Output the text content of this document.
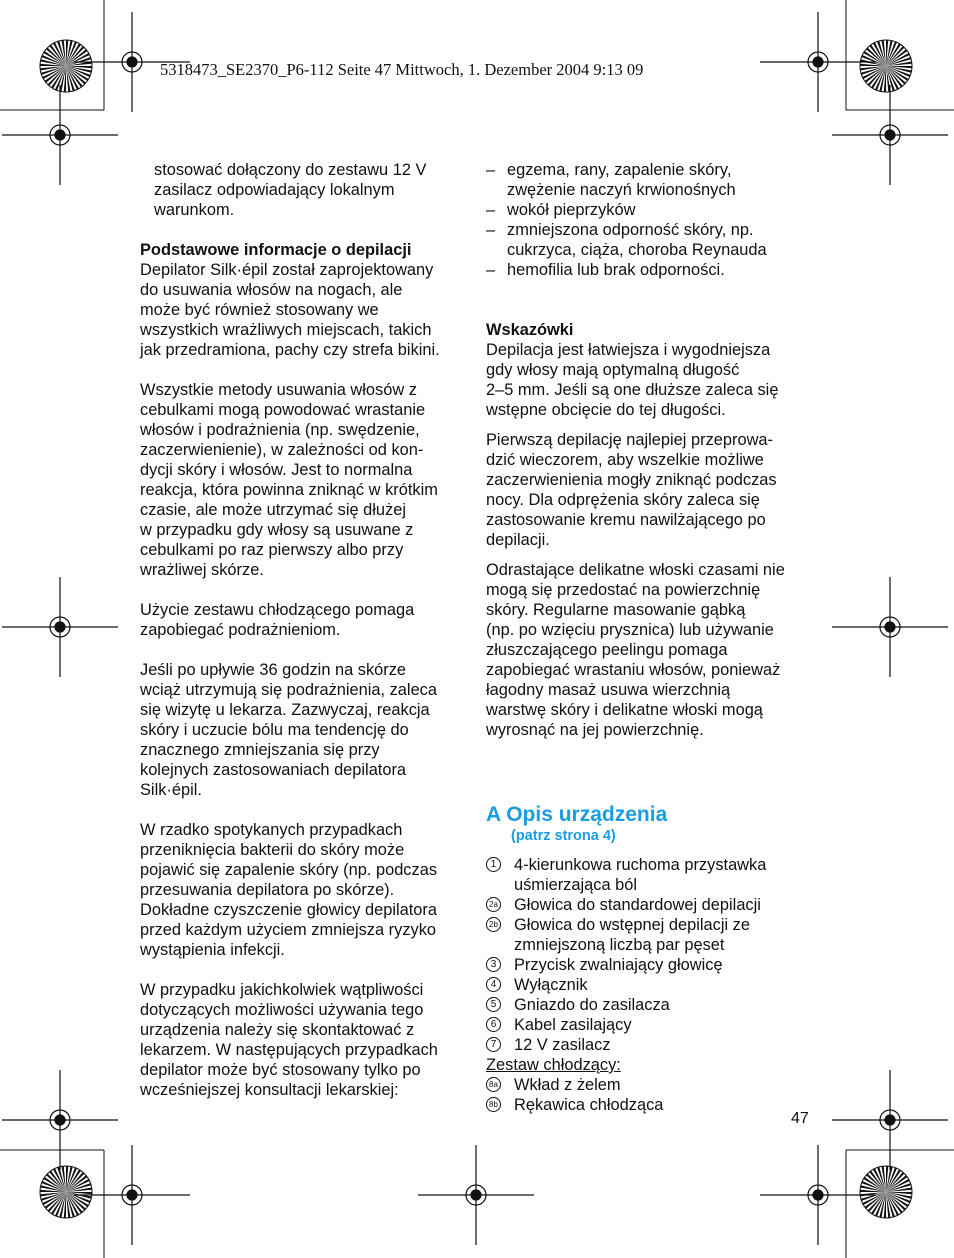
5318473_SE2370_P6-112 Seite 47 Mittwoch, 1. Dezember 2004 9:13 09

stosować dołączony do zestawu 12 V

zasilacz odpowiadający lokalnym

warunkom.

Podstawowe informacje o depilacji

Depilator Silk·épil został zaprojektowany

do usuwania włosów na nogach, ale

może być również stosowany we

wszystkich wrażliwych miejscach, takich

jak przedramiona, pachy czy strefa bikini.

Wszystkie metody usuwania włosów z

cebulkami mogą powodować wrastanie

włosów i podrażnienia (np. swędzenie,

zaczerwienienie), w zależności od kon-

dycji skóry i włosów. Jest to normalna

reakcja, która powinna zniknąć w krótkim

czasie, ale może utrzymać się dłużej

w przypadku gdy włosy są usuwane z

cebulkami po raz pierwszy albo przy

wrażliwej skórze.

Użycie zestawu chłodzącego pomaga

zapobiegać podrażnieniom.

Jeśli po upływie 36 godzin na skórze

wciąż utrzymują się podrażnienia, zaleca

się wizytę u lekarza. Zazwyczaj, reakcja

skóry i uczucie bólu ma tendencję do

znacznego zmniejszania się przy

kolejnych zastosowaniach depilatora

Silk·épil.

W rzadko spotykanych przypadkach

przeniknięcia bakterii do skóry może

pojawić się zapalenie skóry (np. podczas

przesuwania depilatora po skórze).

Dokładne czyszczenie głowicy depilatora

przed każdym użyciem zmniejsza ryzyko

wystąpienia infekcji.

W przypadku jakichkolwiek wątpliwości

dotyczących możliwości używania tego

urządzenia należy się skontaktować z

lekarzem. W następujących przypadkach

depilator może być stosowany tylko po

wcześniejszej konsultacji lekarskiej:

– egzema, rany, zapalenie skóry,

zwężenie naczyń krwionośnych

– wokół pieprzyków

– zmniejszona odporność skóry, np.

cukrzyca, ciąża, choroba Reynauda

– hemofilia lub brak odporności.

Wskazówki

Depilacja jest łatwiejsza i wygodniejsza

gdy włosy mają optymalną długość

2–5 mm. Jeśli są one dłuższe zaleca się

wstępne obcięcie do tej długości.

Pierwszą depilację najlepiej przeprowa-

dzić wieczorem, aby wszelkie możliwe

zaczerwienienia mogły zniknąć podczas

nocy. Dla odprężenia skóry zaleca się

zastosowanie kremu nawilżającego po

depilacji.

Odrastające delikatne włoski czasami nie

mogą się przedostać na powierzchnię

skóry. Regularne masowanie gąbką

(np. po wzięciu prysznica) lub używanie

złuszczającego peelingu pomaga

zapobiegać wrastaniu włosów, ponieważ

łagodny masaż usuwa wierzchnią

warstwę skóry i delikatne włoski mogą

wyrosnąć na jej powierzchnię.

A Opis urządzenia
(patrz strona 4)
1 4-kierunkowa ruchoma przystawka

uśmierzająca ból

2a Głowica do standardowej depilacji

2b Głowica do wstępnej depilacji ze

zmniejszoną liczbą par pęset

3 Przycisk zwalniający głowicę

4 Wyłącznik

5 Gniazdo do zasilacza

6 Kabel zasilający

7 12 V zasilacz

Zestaw chłodzący:

8a Wkład z żelem

8b Rękawica chłodząca

47
